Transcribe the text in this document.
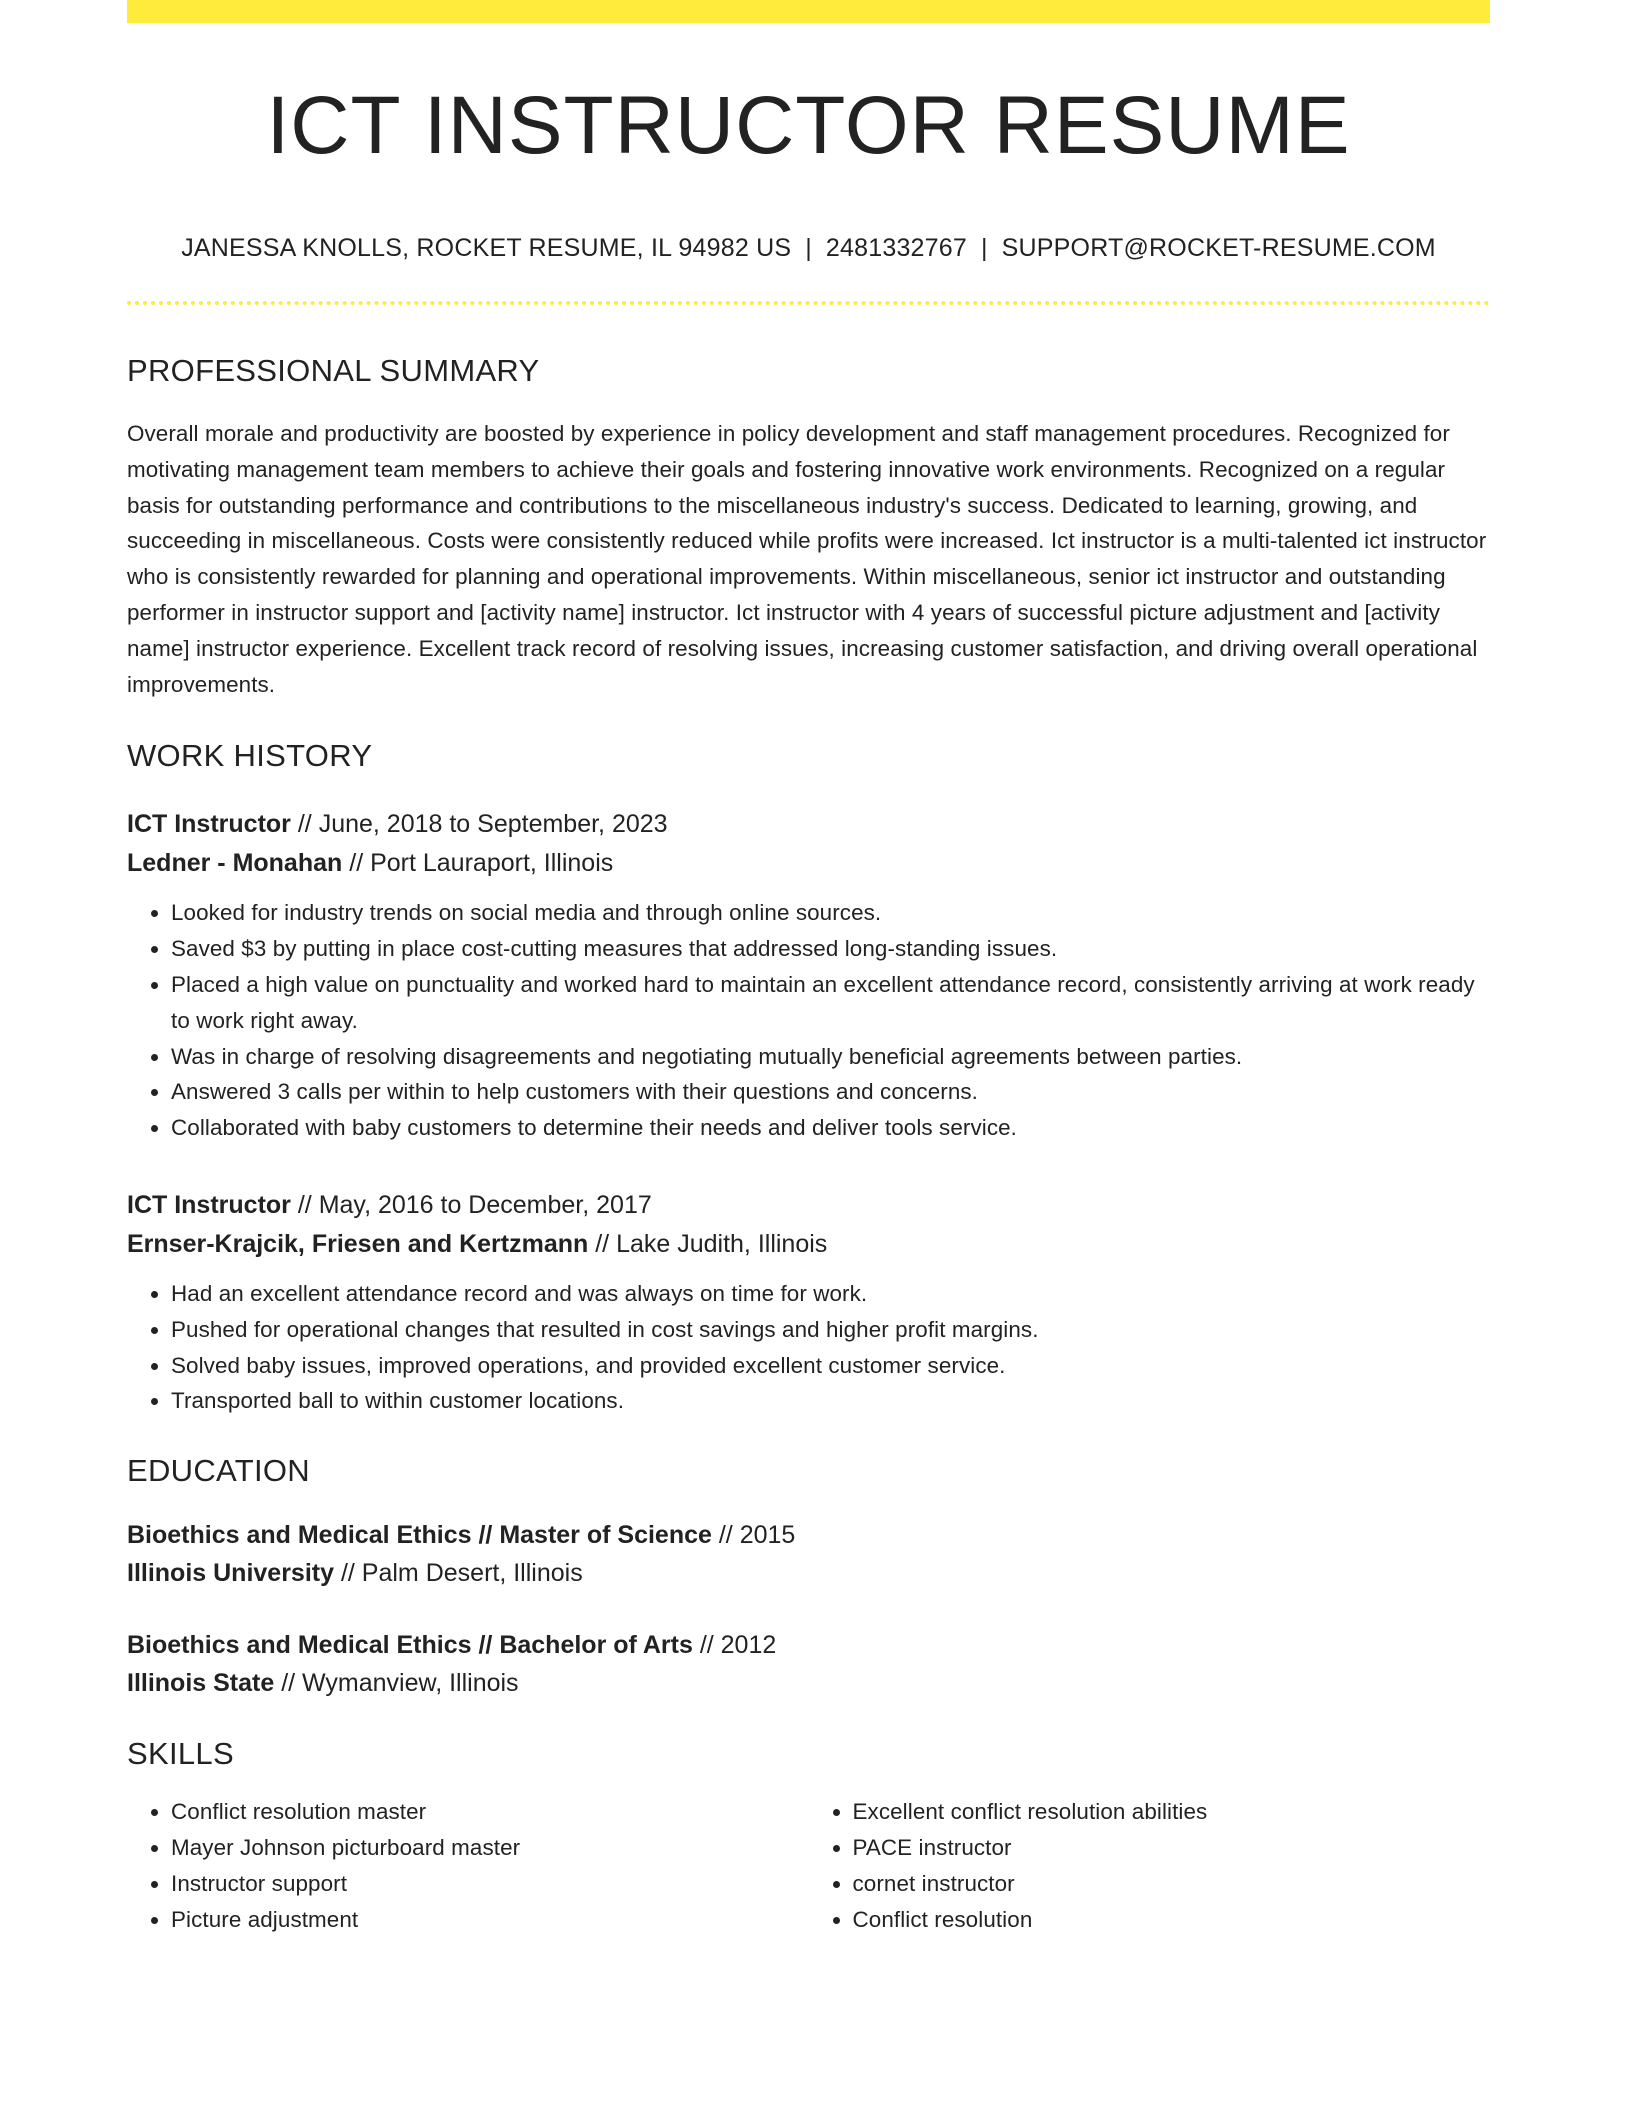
ICT INSTRUCTOR RESUME
JANESSA KNOLLS, ROCKET RESUME, IL 94982 US | 2481332767 | SUPPORT@ROCKET-RESUME.COM
PROFESSIONAL SUMMARY
Overall morale and productivity are boosted by experience in policy development and staff management procedures. Recognized for motivating management team members to achieve their goals and fostering innovative work environments. Recognized on a regular basis for outstanding performance and contributions to the miscellaneous industry's success. Dedicated to learning, growing, and succeeding in miscellaneous. Costs were consistently reduced while profits were increased. Ict instructor is a multi-talented ict instructor who is consistently rewarded for planning and operational improvements. Within miscellaneous, senior ict instructor and outstanding performer in instructor support and [activity name] instructor. Ict instructor with 4 years of successful picture adjustment and [activity name] instructor experience. Excellent track record of resolving issues, increasing customer satisfaction, and driving overall operational improvements.
WORK HISTORY
ICT Instructor // June, 2018 to September, 2023
Ledner - Monahan // Port Lauraport, Illinois
• Looked for industry trends on social media and through online sources.
• Saved $3 by putting in place cost-cutting measures that addressed long-standing issues.
• Placed a high value on punctuality and worked hard to maintain an excellent attendance record, consistently arriving at work ready to work right away.
• Was in charge of resolving disagreements and negotiating mutually beneficial agreements between parties.
• Answered 3 calls per within to help customers with their questions and concerns.
• Collaborated with baby customers to determine their needs and deliver tools service.
ICT Instructor // May, 2016 to December, 2017
Ernser-Krajcik, Friesen and Kertzmann // Lake Judith, Illinois
• Had an excellent attendance record and was always on time for work.
• Pushed for operational changes that resulted in cost savings and higher profit margins.
• Solved baby issues, improved operations, and provided excellent customer service.
• Transported ball to within customer locations.
EDUCATION
Bioethics and Medical Ethics // Master of Science // 2015
Illinois University // Palm Desert, Illinois
Bioethics and Medical Ethics // Bachelor of Arts // 2012
Illinois State // Wymanview, Illinois
SKILLS
• Conflict resolution master
• Mayer Johnson picturboard master
• Instructor support
• Picture adjustment
• Excellent conflict resolution abilities
• PACE instructor
• cornet instructor
• Conflict resolution
